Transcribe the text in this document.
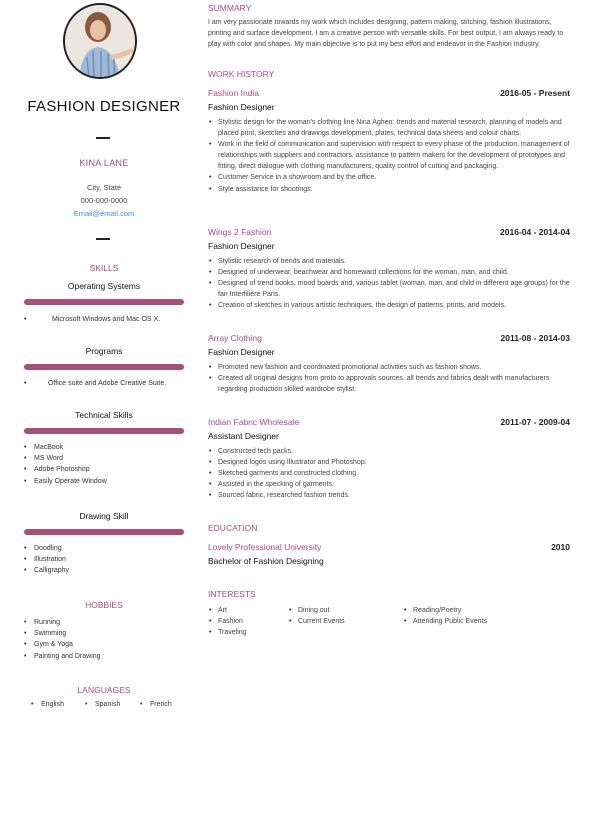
FASHION DESIGNER
KINA LANE
City, State
000-000-0000
Email@email.com
SKILLS
Operating Systems
• Microsoft Windows and Mac OS X.
Programs
• Office suite and Adobe Creative Suite.
Technical Skills
• MacBook
• MS Word
• Adobe Photoshop
• Easily Operate Window
Drawing Skill
• Doodling
• Illustration
• Calligraphy
HOBBIES
• Running
• Swimming
• Gym & Yoga
• Painting and Drawing
LANGUAGES
• English	• Spanish	• French
SUMMARY
I am very passionate towards my work which includes designing, pattern making, stitching, fashion illustrations, printing and surface development. I am a creative person with versatile skills. For best output, I am always ready to play with color and shapes. My main objective is to put my best effort and endeavor in the Fashion Industry.
WORK HISTORY
Fashion India	2016-05 - Present
Fashion Designer
• Stylistic design for the woman's clothing line Nina Aghen: trends and material research, planning of models and placed print, sketches and drawings development, plates, technical data sheets and colour charts.
• Work in the field of communication and supervision with respect to every phase of the production, management of relationships with suppliers and contractors, assistance to pattern makers for the development of prototypes and fitting, direct dialogue with clothing manufacturers, quality control of cutting and packaging.
• Customer Service in a showroom and by the office.
• Style assistance for shootings.
Wings 2 Fashion	2016-04 - 2014-04
Fashion Designer
• Stylistic research of trends and materials.
• Designed of underwear, beachwear and homeward collections for the woman, man, and child.
• Designed of trend books, mood boards and, various tablet (woman, man, and child in different age groups) for the fair Interfilière Paris.
• Creation of sketches in various artistic techniques, the design of patterns, prints, and models.
Array Clothing	2011-08 - 2014-03
Fashion Designer
• Promoted new fashion and coordinated promotional activities such as fashion shows.
• Created all original designs from proto to approvals sources, all trends and fabrics dealt with manufacturers regarding production skilled wardrobe stylist.
Indian Fabric Wholesale	2011-07 - 2009-04
Assistant Designer
• Constructed tech packs.
• Designed logos using Illustrator and Photoshop.
• Sketched garments and constructed clothing.
• Assisted in the specking of garments.
• Sourced fabric, researched fashion trends.
EDUCATION
Lovely Professional University	2010
Bachelor of Fashion Designing
INTERESTS
• Art
• Fashion
• Traveling
• Dining out
• Current Events
• Reading/Poetry
• Attending Public Events
